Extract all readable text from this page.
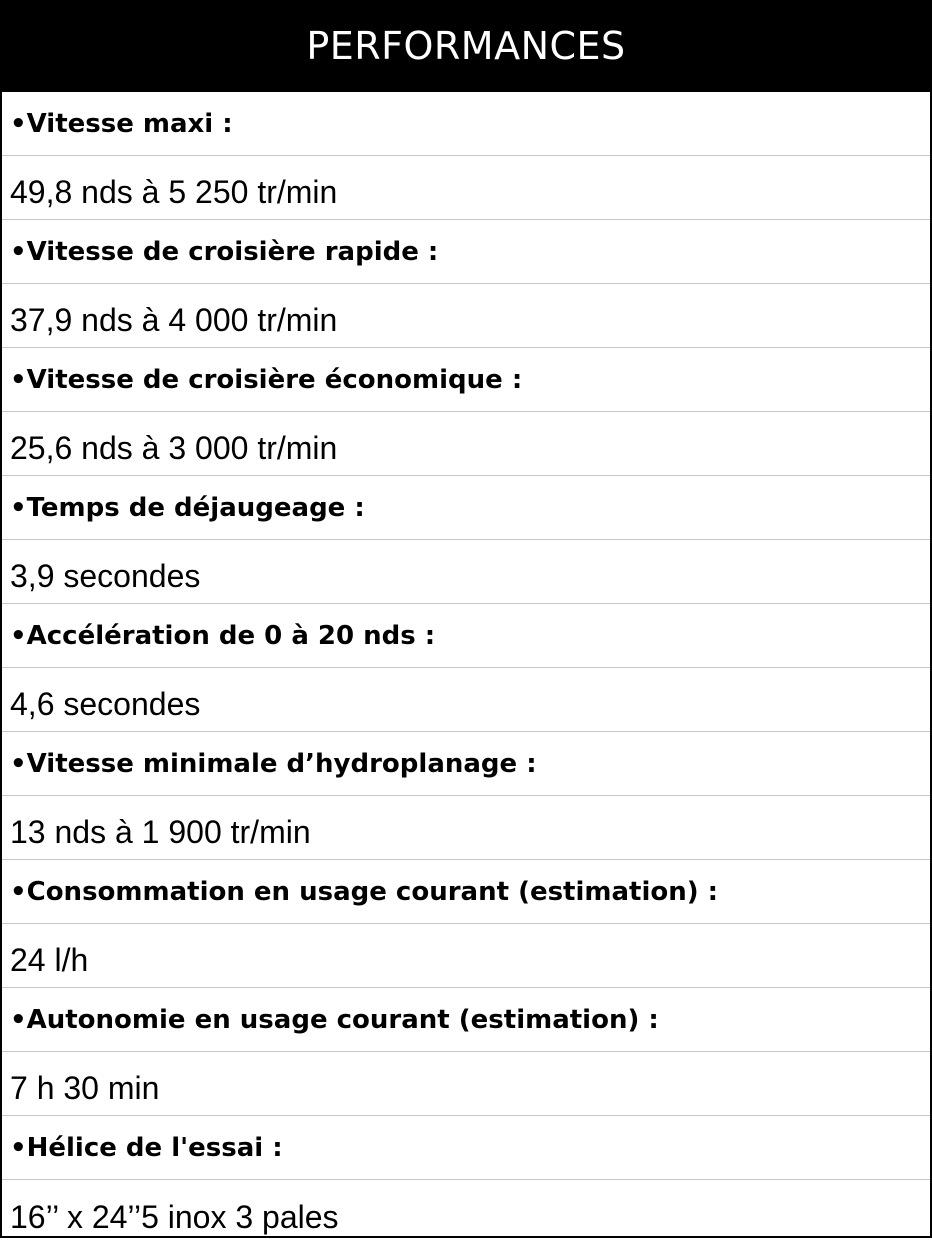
PERFORMANCES
•Vitesse maxi :
49,8 nds à 5 250 tr/min
•Vitesse de croisière rapide :
37,9 nds à 4 000 tr/min
•Vitesse de croisière économique :
25,6 nds à 3 000 tr/min
•Temps de déjaugeage :
3,9 secondes
•Accélération de 0 à 20 nds :
4,6 secondes
•Vitesse minimale d’hydroplanage :
13 nds à 1 900 tr/min
•Consommation en usage courant (estimation) :
24 l/h
•Autonomie en usage courant (estimation) :
7 h 30 min
•Hélice de l'essai :
16’’ x 24’’5 inox 3 pales
